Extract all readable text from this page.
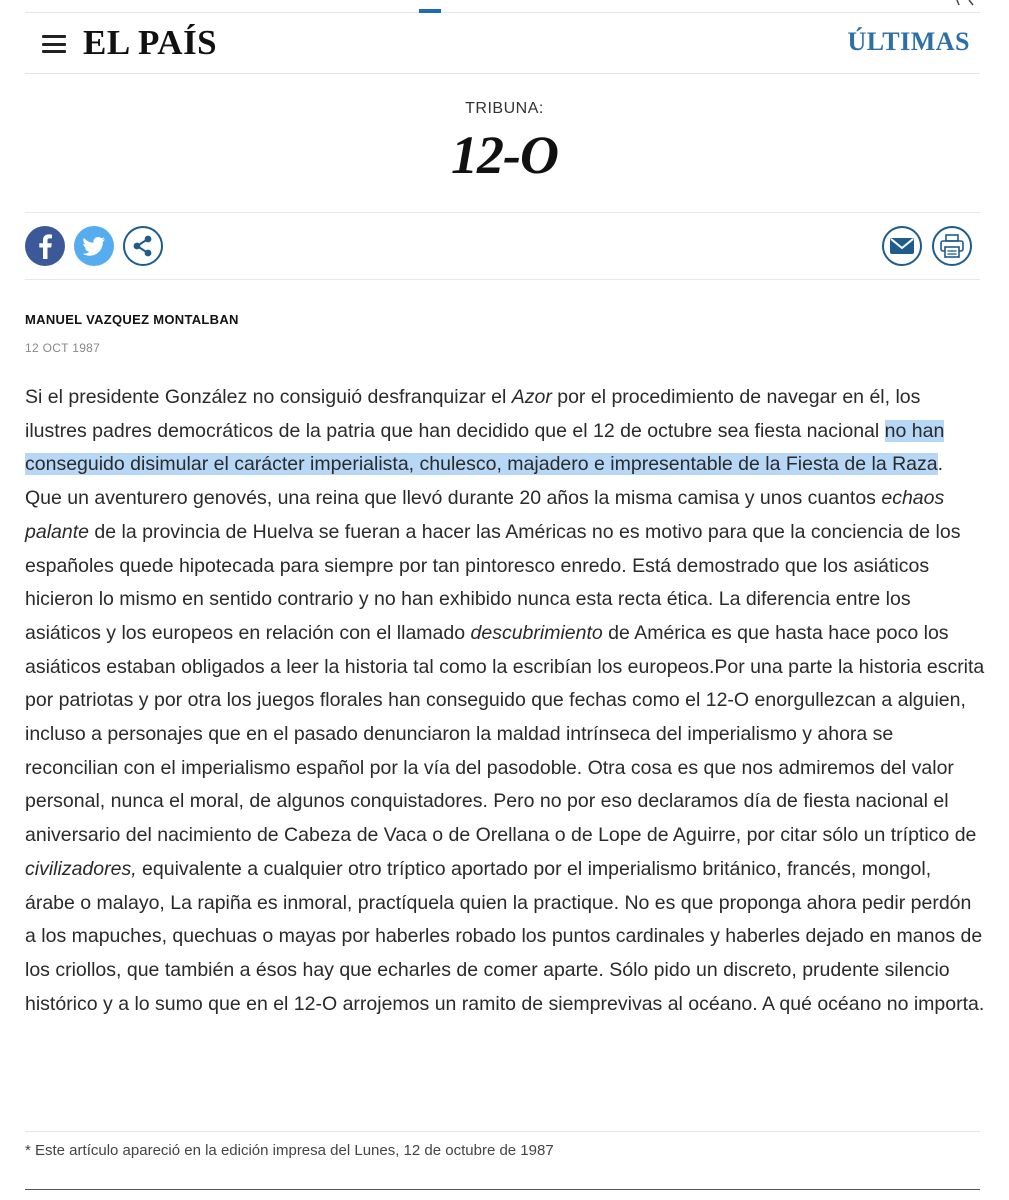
EL PAÍS	ÚLTIMAS
TRIBUNA:
12-O
MANUEL VAZQUEZ MONTALBAN
12 OCT 1987

Si el presidente González no consiguió desfranquizar el Azor por el procedimiento de navegar en él, los ilustres padres democráticos de la patria que han decidido que el 12 de octubre sea fiesta nacional no han conseguido disimular el carácter imperialista, chulesco, majadero e impresentable de la Fiesta de la Raza. Que un aventurero genovés, una reina que llevó durante 20 años la misma camisa y unos cuantos echaos palante de la provincia de Huelva se fueran a hacer las Américas no es motivo para que la conciencia de los españoles quede hipotecada para siempre por tan pintoresco enredo. Está demostrado que los asiáticos hicieron lo mismo en sentido contrario y no han exhibido nunca esta recta ética. La diferencia entre los asiáticos y los europeos en relación con el llamado descubrimiento de América es que hasta hace poco los asiáticos estaban obligados a leer la historia tal como la escribían los europeos.Por una parte la historia escrita por patriotas y por otra los juegos florales han conseguido que fechas como el 12-O enorgullezcan a alguien, incluso a personajes que en el pasado denunciaron la maldad intrínseca del imperialismo y ahora se reconcilian con el imperialismo español por la vía del pasodoble. Otra cosa es que nos admiremos del valor personal, nunca el moral, de algunos conquistadores. Pero no por eso declaramos día de fiesta nacional el aniversario del nacimiento de Cabeza de Vaca o de Orellana o de Lope de Aguirre, por citar sólo un tríptico de civilizadores, equivalente a cualquier otro tríptico aportado por el imperialismo británico, francés, mongol, árabe o malayo, La rapiña es inmoral, practíquela quien la practique. No es que proponga ahora pedir perdón a los mapuches, quechuas o mayas por haberles robado los puntos cardinales y haberles dejado en manos de los criollos, que también a ésos hay que echarles de comer aparte. Sólo pido un discreto, prudente silencio histórico y a lo sumo que en el 12-O arrojemos un ramito de siemprevivas al océano. A qué océano no importa.

* Este artículo apareció en la edición impresa del Lunes, 12 de octubre de 1987
